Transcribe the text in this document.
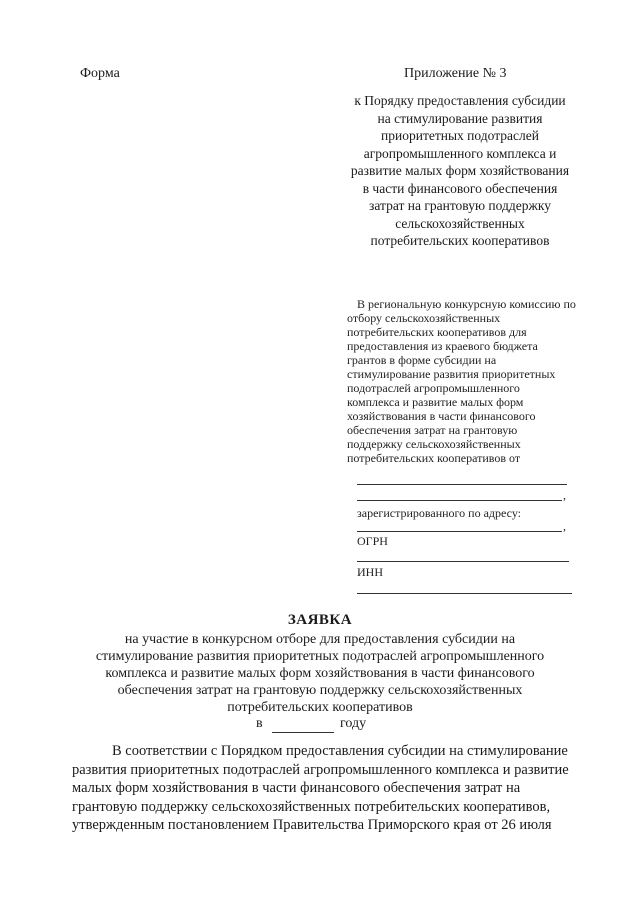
Форма	Приложение № 3
к Порядку предоставления субсидии
на стимулирование развития
приоритетных подотраслей
агропромышленного комплекса и
развитие малых форм хозяйствования
в части финансового обеспечения
затрат на грантовую поддержку
сельскохозяйственных
потребительских кооперативов
В региональную конкурсную комиссию по
отбору сельскохозяйственных
потребительских кооперативов для
предоставления из краевого бюджета
грантов в форме субсидии на
стимулирование развития приоритетных
подотраслей агропромышленного
комплекса и развитие малых форм
хозяйствования в части финансового
обеспечения затрат на грантовую
поддержку сельскохозяйственных
потребительских кооперативов от
,
зарегистрированного по адресу:
,
ОГРН
ИНН
ЗАЯВКА
на участие в конкурсном отборе для предоставления субсидии на
стимулирование развития приоритетных подотраслей агропромышленного
комплекса и развитие малых форм хозяйствования в части финансового
обеспечения затрат на грантовую поддержку сельскохозяйственных
потребительских кооперативов
в	году
В соответствии с Порядком предоставления субсидии на стимулирование
развития приоритетных подотраслей агропромышленного комплекса и развитие
малых форм хозяйствования в части финансового обеспечения затрат на
грантовую поддержку сельскохозяйственных потребительских кооперативов,
утвержденным постановлением Правительства Приморского края от 26 июля
